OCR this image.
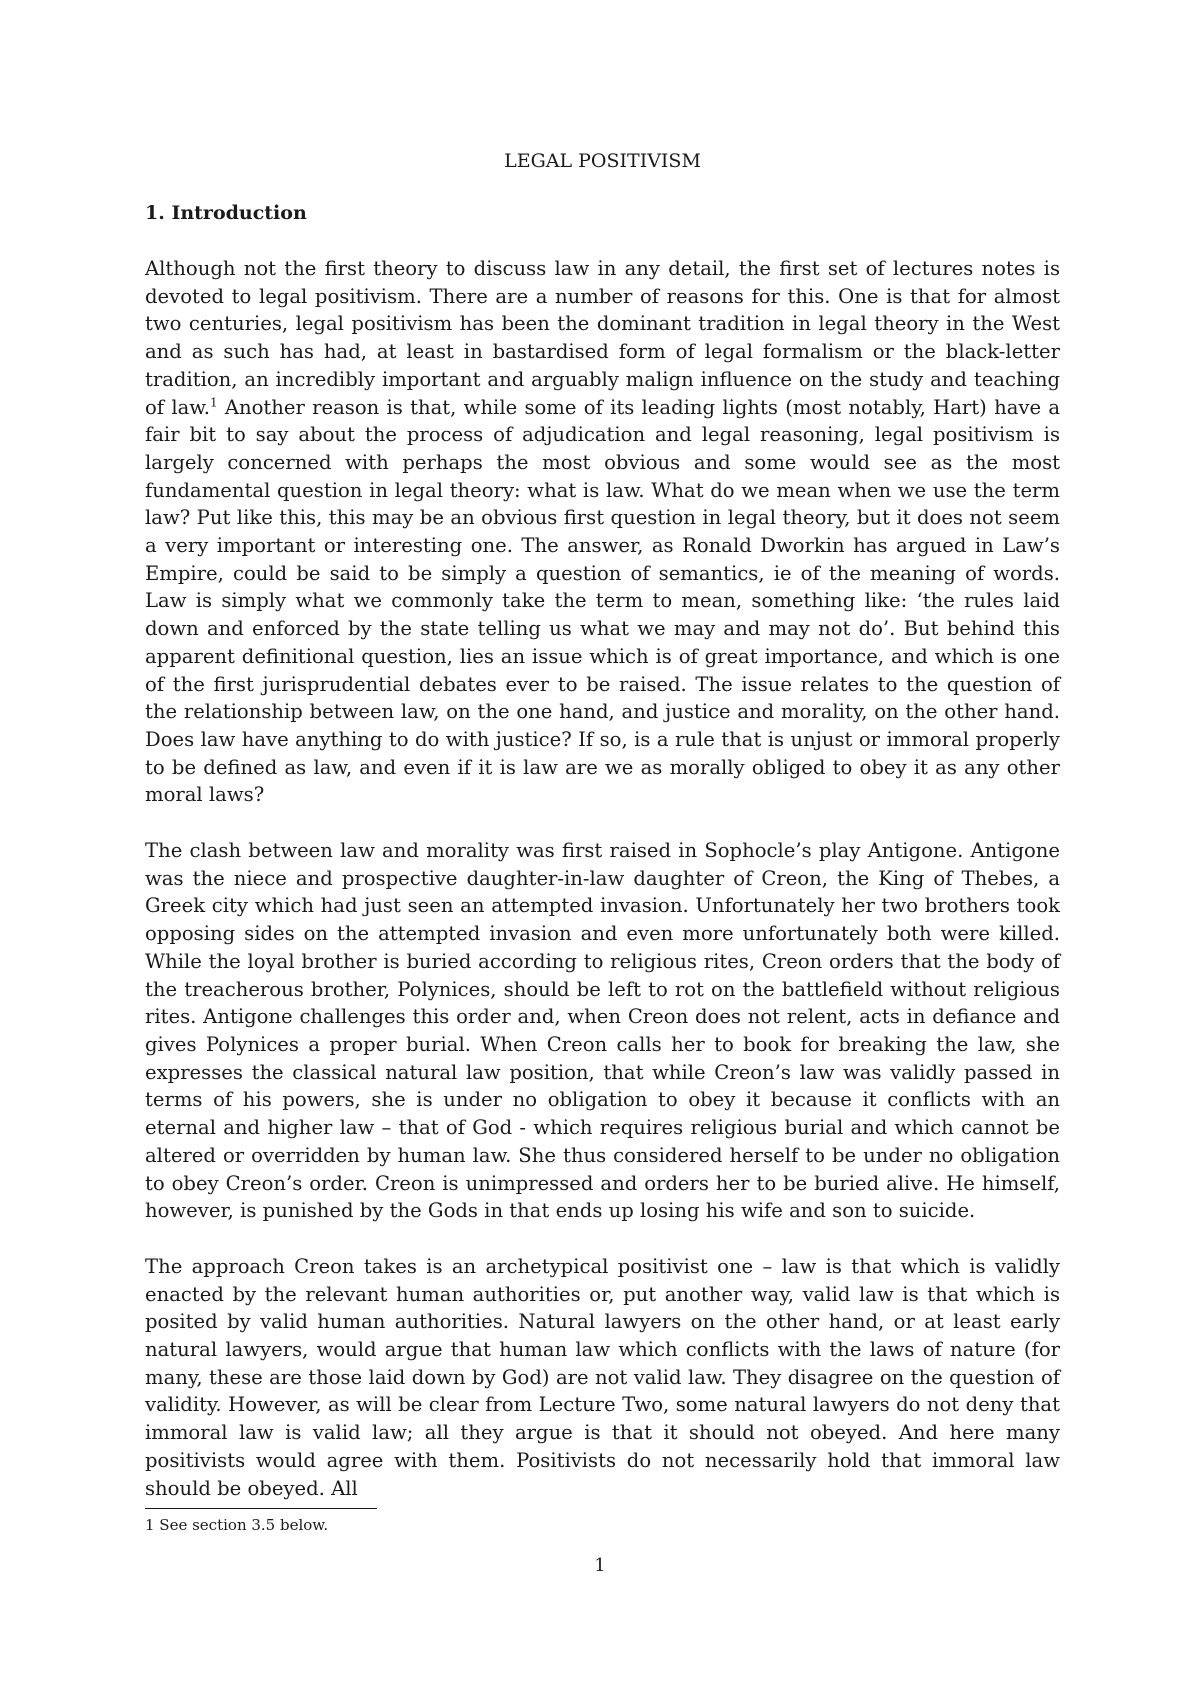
LEGAL POSITIVISM
1. Introduction

Although not the first theory to discuss law in any detail, the first set of lectures notes is devoted to legal positivism. There are a number of reasons for this. One is that for almost two centuries, legal positivism has been the dominant tradition in legal theory in the West and as such has had, at least in bastardised form of legal formalism or the black-letter tradition, an incredibly important and arguably malign influence on the study and teaching of law.$^1$ Another reason is that, while some of its leading lights (most notably, Hart) have a fair bit to say about the process of adjudication and legal reasoning, legal positivism is largely concerned with perhaps the most obvious and some would see as the most fundamental question in legal theory: what is law. What do we mean when we use the term law? Put like this, this may be an obvious first question in legal theory, but it does not seem a very important or interesting one. The answer, as Ronald Dworkin has argued in Law’s Empire, could be said to be simply a question of semantics, ie of the meaning of words. Law is simply what we commonly take the term to mean, something like: ‘the rules laid down and enforced by the state telling us what we may and may not do’. But behind this apparent definitional question, lies an issue which is of great importance, and which is one of the first jurisprudential debates ever to be raised. The issue relates to the question of the relationship between law, on the one hand, and justice and morality, on the other hand. Does law have anything to do with justice? If so, is a rule that is unjust or immoral properly to be defined as law, and even if it is law are we as morally obliged to obey it as any other moral laws?

The clash between law and morality was first raised in Sophocle’s play Antigone. Antigone was the niece and prospective daughter-in-law daughter of Creon, the King of Thebes, a Greek city which had just seen an attempted invasion. Unfortunately her two brothers took opposing sides on the attempted invasion and even more unfortunately both were killed. While the loyal brother is buried according to religious rites, Creon orders that the body of the treacherous brother, Polynices, should be left to rot on the battlefield without religious rites. Antigone challenges this order and, when Creon does not relent, acts in defiance and gives Polynices a proper burial. When Creon calls her to book for breaking the law, she expresses the classical natural law position, that while Creon’s law was validly passed in terms of his powers, she is under no obligation to obey it because it conflicts with an eternal and higher law – that of God - which requires religious burial and which cannot be altered or overridden by human law. She thus considered herself to be under no obligation to obey Creon’s order. Creon is unimpressed and orders her to be buried alive. He himself, however, is punished by the Gods in that ends up losing his wife and son to suicide.

The approach Creon takes is an archetypical positivist one – law is that which is validly enacted by the relevant human authorities or, put another way, valid law is that which is posited by valid human authorities. Natural lawyers on the other hand, or at least early natural lawyers, would argue that human law which conflicts with the laws of nature (for many, these are those laid down by God) are not valid law. They disagree on the question of validity. However, as will be clear from Lecture Two, some natural lawyers do not deny that immoral law is valid law; all they argue is that it should not obeyed. And here many positivists would agree with them. Positivists do not necessarily hold that immoral law should be obeyed. All

1 See section 3.5 below.
1
